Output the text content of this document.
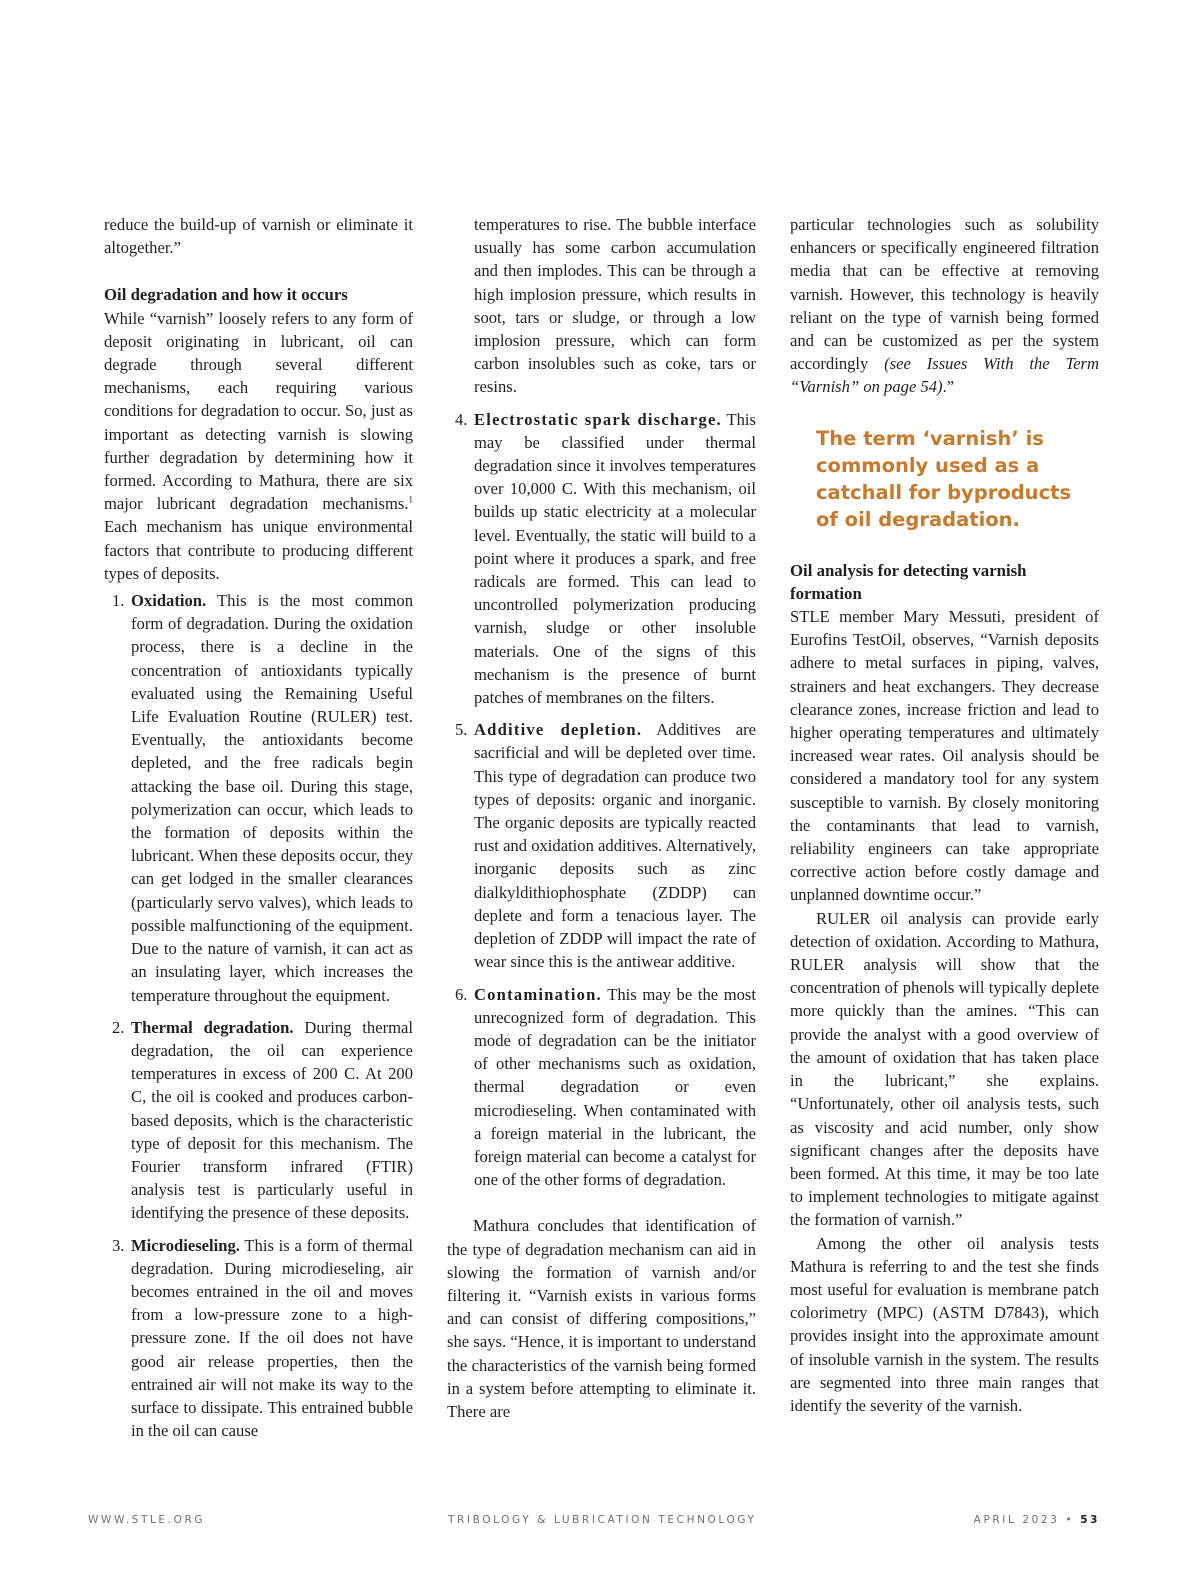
reduce the build-up of varnish or eliminate it altogether.”

Oil degradation and how it occurs

While “varnish” loosely refers to any form of deposit originating in lubricant, oil can degrade through several different mechanisms, each requiring various conditions for degradation to occur. So, just as important as detecting varnish is slowing further degradation by determining how it formed. According to Mathura, there are six major lubricant degradation mechanisms.$^1$ Each mechanism has unique environmental factors that contribute to producing different types of deposits.

1. Oxidation. This is the most common form of degradation. During the oxidation process, there is a decline in the concentration of antioxidants typically evaluated using the Remaining Useful Life Evaluation Routine (RULER) test. Eventually, the antioxidants become depleted, and the free radicals begin attacking the base oil. During this stage, polymerization can occur, which leads to the formation of deposits within the lubricant. When these deposits occur, they can get lodged in the smaller clearances (particularly servo valves), which leads to possible malfunctioning of the equipment. Due to the nature of varnish, it can act as an insulating layer, which increases the temperature throughout the equipment.
2. Thermal degradation. During thermal degradation, the oil can experience temperatures in excess of 200 C. At 200 C, the oil is cooked and produces carbon-based deposits, which is the characteristic type of deposit for this mechanism. The Fourier transform infrared (FTIR) analysis test is particularly useful in identifying the presence of these deposits.
3. Microdieseling. This is a form of thermal degradation. During microdieseling, air becomes entrained in the oil and moves from a low-pressure zone to a high-pressure zone. If the oil does not have good air release properties, then the entrained air will not make its way to the surface to dissipate. This entrained bubble in the oil can cause

temperatures to rise. The bubble interface usually has some carbon accumulation and then implodes. This can be through a high implosion pressure, which results in soot, tars or sludge, or through a low implosion pressure, which can form carbon insolubles such as coke, tars or resins.

4. Electrostatic spark discharge. This may be classified under thermal degradation since it involves temperatures over 10,000 C. With this mechanism, oil builds up static electricity at a molecular level. Eventually, the static will build to a point where it produces a spark, and free radicals are formed. This can lead to uncontrolled polymerization producing varnish, sludge or other insoluble materials. One of the signs of this mechanism is the presence of burnt patches of membranes on the filters.
5. Additive depletion. Additives are sacrificial and will be depleted over time. This type of degradation can produce two types of deposits: organic and inorganic. The organic deposits are typically reacted rust and oxidation additives. Alternatively, inorganic deposits such as zinc dialkyldithiophosphate (ZDDP) can deplete and form a tenacious layer. The depletion of ZDDP will impact the rate of wear since this is the antiwear additive.
6. Contamination. This may be the most unrecognized form of degradation. This mode of degradation can be the initiator of other mechanisms such as oxidation, thermal degradation or even microdieseling. When contaminated with a foreign material in the lubricant, the foreign material can become a catalyst for one of the other forms of degradation.

Mathura concludes that identification of the type of degradation mechanism can aid in slowing the formation of varnish and/or filtering it. “Varnish exists in various forms and can consist of differing compositions,” she says. “Hence, it is important to understand the characteristics of the varnish being formed in a system before attempting to eliminate it. There are

particular technologies such as solubility enhancers or specifically engineered filtration media that can be effective at removing varnish. However, this technology is heavily reliant on the type of varnish being formed and can be customized as per the system accordingly (see Issues With the Term “Varnish” on page 54).”

The term ‘varnish’ is commonly used as a catchall for byproducts of oil degradation.
Oil analysis for detecting varnish formation

STLE member Mary Messuti, president of Eurofins TestOil, observes, “Varnish deposits adhere to metal surfaces in piping, valves, strainers and heat exchangers. They decrease clearance zones, increase friction and lead to higher operating temperatures and ultimately increased wear rates. Oil analysis should be considered a mandatory tool for any system susceptible to varnish. By closely monitoring the contaminants that lead to varnish, reliability engineers can take appropriate corrective action before costly damage and unplanned downtime occur.”

RULER oil analysis can provide early detection of oxidation. According to Mathura, RULER analysis will show that the concentration of phenols will typically deplete more quickly than the amines. “This can provide the analyst with a good overview of the amount of oxidation that has taken place in the lubricant,” she explains. “Unfortunately, other oil analysis tests, such as viscosity and acid number, only show significant changes after the deposits have been formed. At this time, it may be too late to implement technologies to mitigate against the formation of varnish.”

Among the other oil analysis tests Mathura is referring to and the test she finds most useful for evaluation is membrane patch colorimetry (MPC) (ASTM D7843), which provides insight into the approximate amount of insoluble varnish in the system. The results are segmented into three main ranges that identify the severity of the varnish.

WWW.STLE.ORG	TRIBOLOGY & LUBRICATION TECHNOLOGY	APRIL 2023 • 53
